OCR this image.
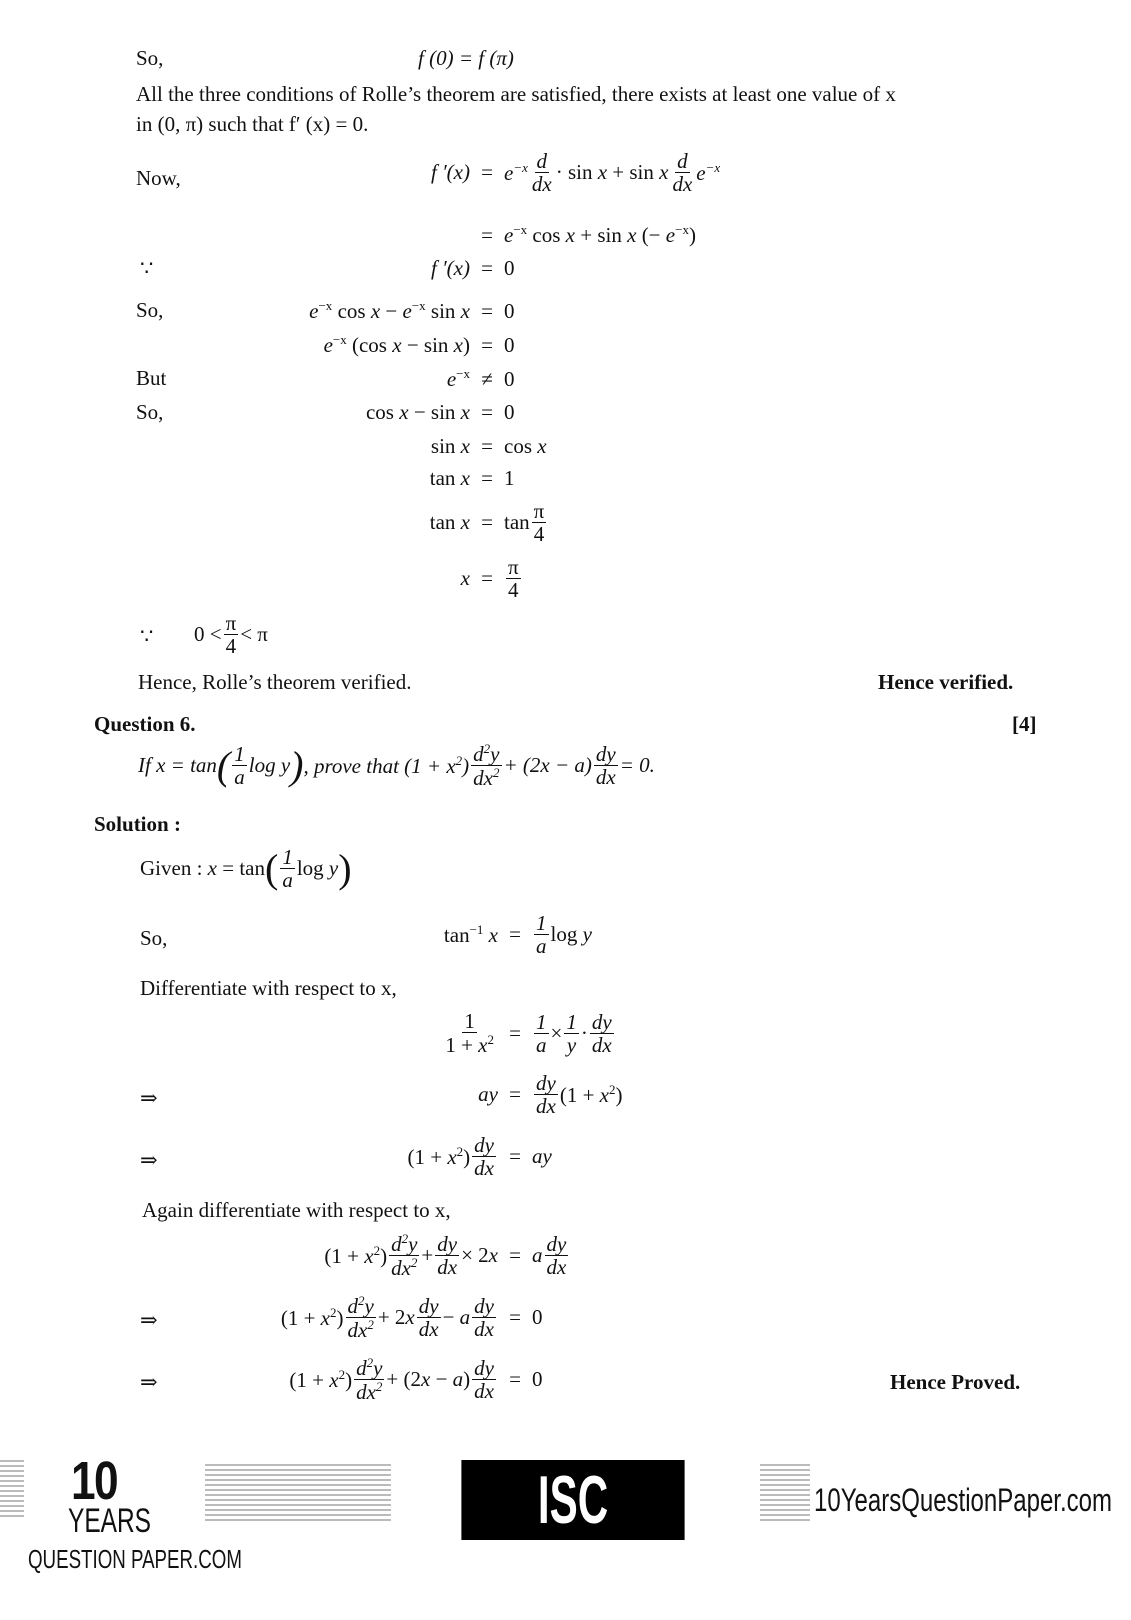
So,	f (0) = f (π)
All the three conditions of Rolle’s theorem are satisfied, there exists at least one value of x
in (0, π) such that f′ (x) = 0.
Now,	f $'(x) = e^{-x} \frac{d}{dx} \cdot \sin x + \sin x \frac{d}{dx} e^{-x}$
= $e^{-x}$ cos x + sin x (− $e^{-x}$)
∵	f ′(x) = 0
So,	$e^{-x}$ $\cos x - e^{-x}$ sin x = 0
$e^{-x}$ (cos x − sin x) = 0
But	$e^{-x} \ne 0$
So,	cos x − sin x = 0
sin x = cos x
tan x = 1
$\tan x = \tan \frac{\pi}{4}$
$x = \frac{\pi}{4}$
∵ $0 < \frac{\pi}{4} < \pi$
Hence, Rolle’s theorem verified.	Hence verified.
Question 6.	[4]
If x = tan ( $\frac{1}{a}$ log y ) , prove that $(1 + x^2) \frac{d^2y}{dx^2} + (2x - a) \frac{dy}{dx} = 0$.
Solution :
Given : x = tan ( $\frac{1}{a}$ log y )
So,	$\tan^{-1} x = \frac{1}{a}$ log y
Differentiate with respect to x,
$\frac{1}{1 + x^2} = \frac{1}{a} \times \frac{1}{y} \cdot \frac{dy}{dx}$
⇒	ay = $\frac{dy}{dx} (1 + x^2)$
⇒	$(1 + x^2) \frac{dy}{dx}$ = ay
Again differentiate with respect to x,
$(1 + x^2) \frac{d^2y}{dx^2} + \frac{dy}{dx} \times 2x = a \frac{dy}{dx}$
⇒	$(1 + x^2) \frac{d^2y}{dx^2} + 2x \frac{dy}{dx} - a \frac{dy}{dx} = 0$
⇒	$(1 + x^2) \frac{d^2y}{dx^2} + (2x - a) \frac{dy}{dx} = 0$	Hence Proved.
10
YEARS
QUESTION PAPER.COM
ISC BOARD XII
10YearsQuestionPaper.com
